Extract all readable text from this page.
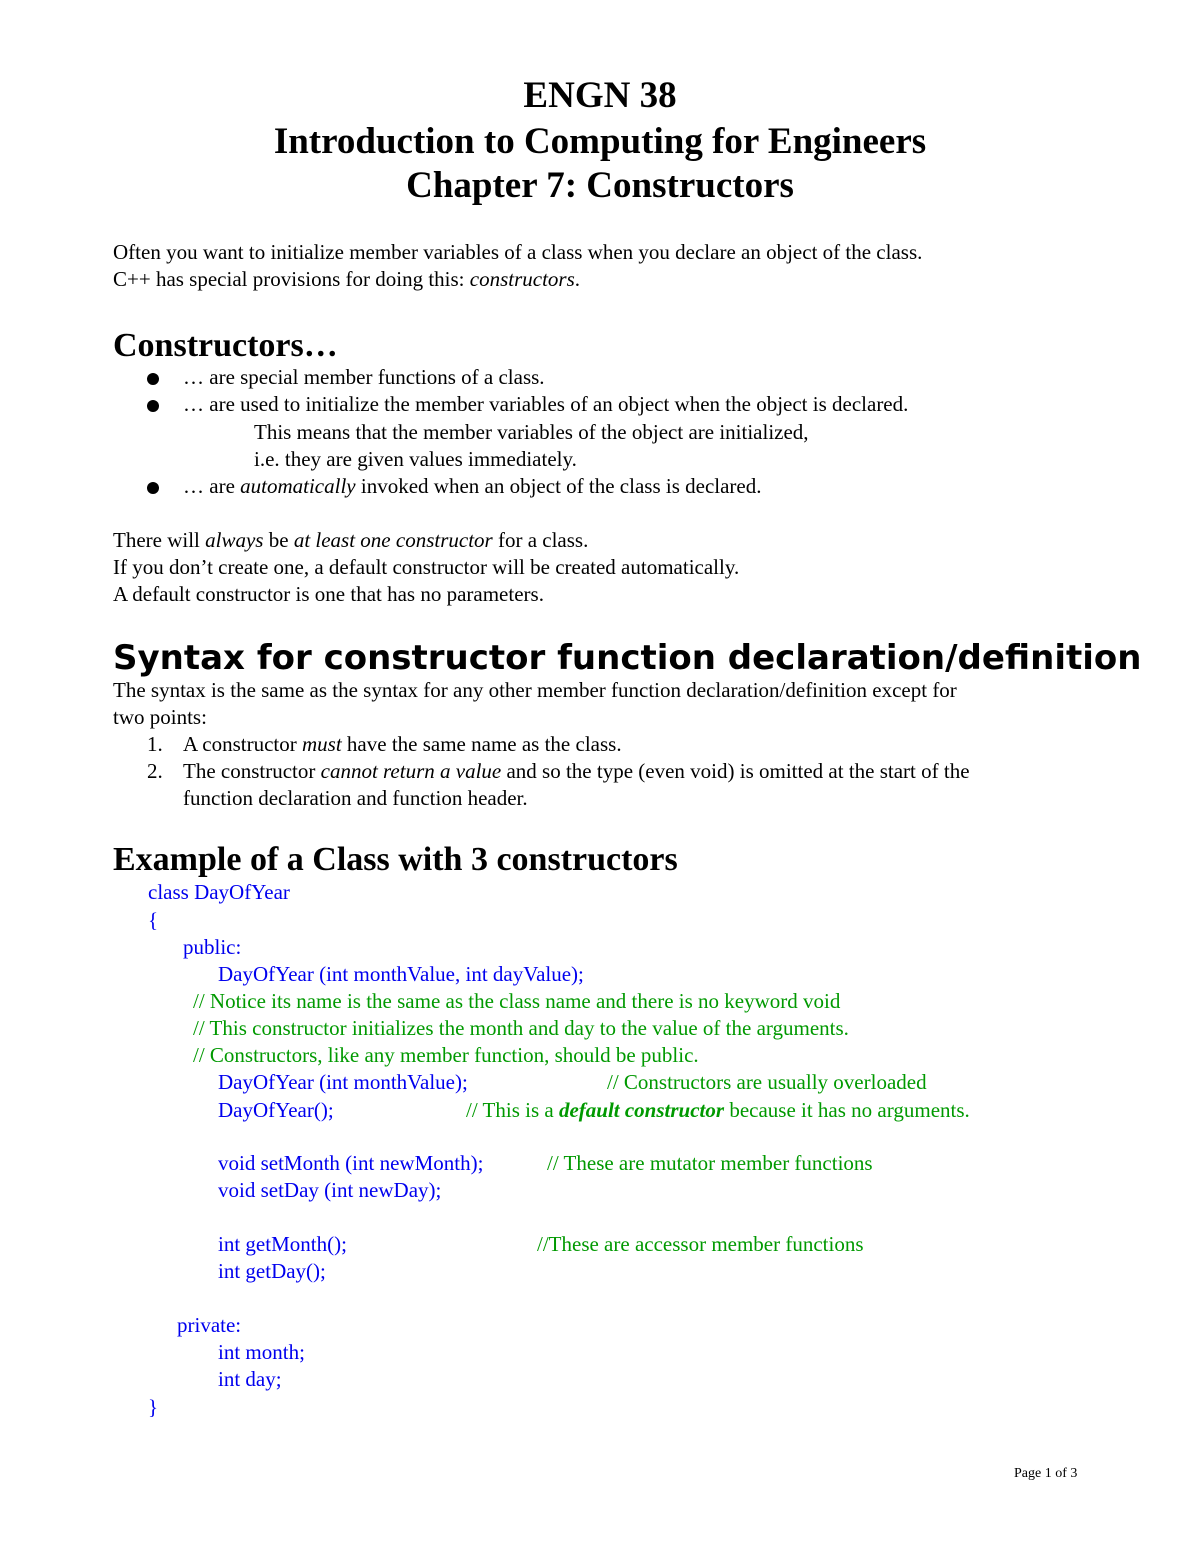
ENGN 38
Introduction to Computing for Engineers
Chapter 7: Constructors
Often you want to initialize member variables of a class when you declare an object of the class.
C++ has special provisions for doing this: constructors.
Constructors…
… are special member functions of a class.
… are used to initialize the member variables of an object when the object is declared.
This means that the member variables of the object are initialized,
i.e. they are given values immediately.
… are automatically invoked when an object of the class is declared.
There will always be at least one constructor for a class.
If you don’t create one, a default constructor will be created automatically.
A default constructor is one that has no parameters.
Syntax for constructor function declaration/definition
The syntax is the same as the syntax for any other member function declaration/definition except for
two points:
1. A constructor must have the same name as the class.
2. The constructor cannot return a value and so the type (even void) is omitted at the start of the
function declaration and function header.
Example of a Class with 3 constructors
class DayOfYear
{
public:
DayOfYear (int monthValue, int dayValue);
// Notice its name is the same as the class name and there is no keyword void
// This constructor initializes the month and day to the value of the arguments.
// Constructors, like any member function, should be public.
DayOfYear (int monthValue);	// Constructors are usually overloaded
DayOfYear();	// This is a default constructor because it has no arguments.
void setMonth (int newMonth);	// These are mutator member functions
void setDay (int newDay);
int getMonth();	//These are accessor member functions
int getDay();
private:
int month;
int day;
}
Page 1 of 3
